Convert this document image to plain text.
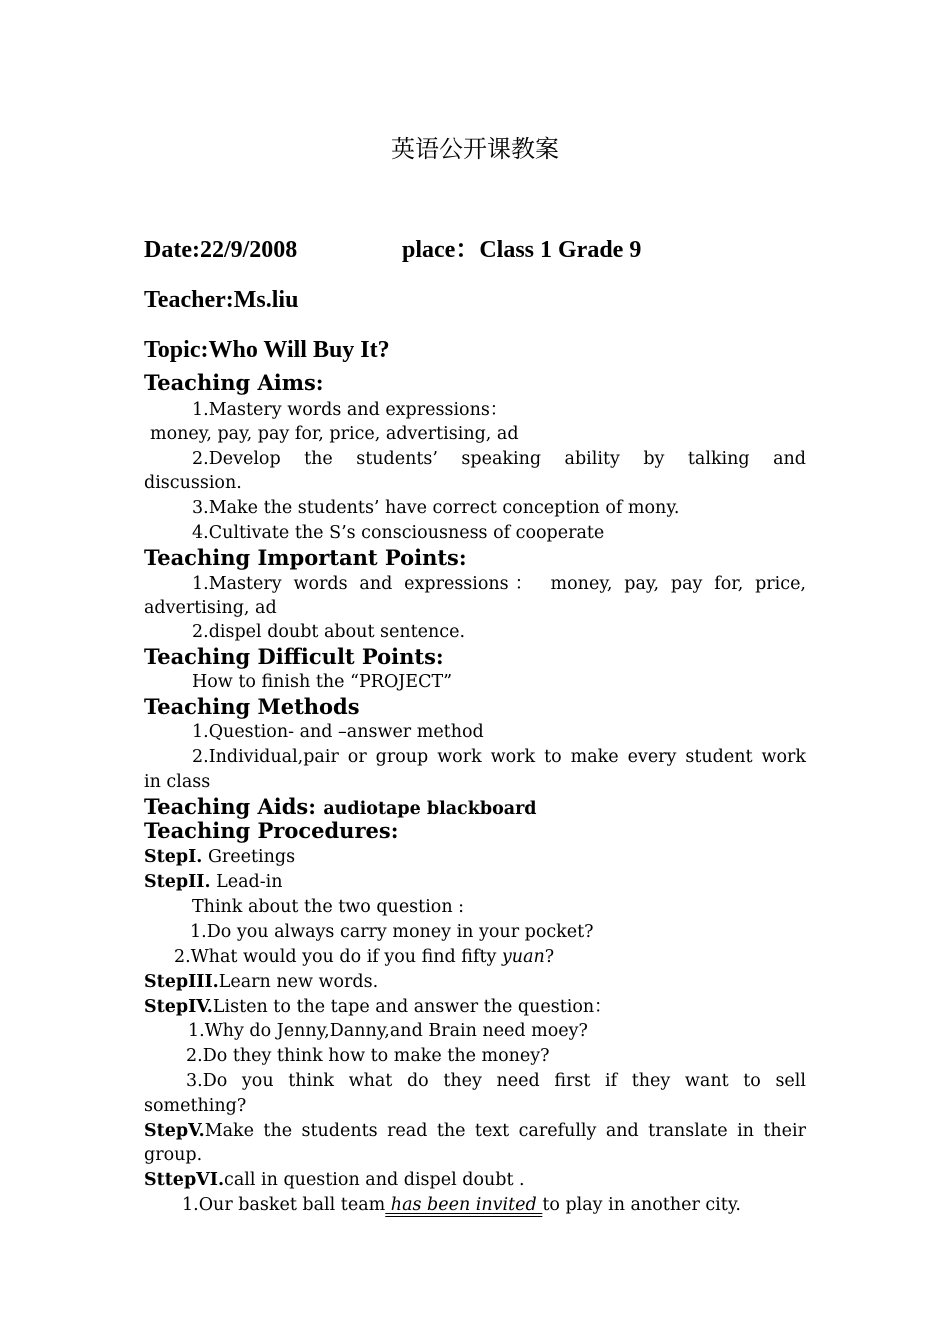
英语公开课教案
Date:22/9/2008	place：Class 1 Grade 9
Teacher:Ms.liu
Topic:Who Will Buy It?
Teaching Aims:
1.Mastery words and expressions：
money, pay, pay for, price, advertising, ad
2.Develop the students’ speaking ability by talking and
discussion.
3.Make the students’ have correct conception of mony.
4.Cultivate the S’s consciousness of cooperate
Teaching Important Points:
1.Mastery words and expressions： money, pay, pay for, price,
advertising, ad
2.dispel doubt about sentence.
Teaching Difficult Points:
How to finish the “PROJECT”
Teaching Methods
1.Question- and –answer method
2.Individual,pair or group work work to make every student work
in class
Teaching Aids: audiotape blackboard
Teaching Procedures:
StepI. Greetings
StepII. Lead-in
Think about the two question :
1.Do you always carry money in your pocket?
2.What would you do if you find fifty yuan?
StepIII.Learn new words.
StepIV.Listen to the tape and answer the question：
1.Why do Jenny,Danny,and Brain need moey?
2.Do they think how to make the money?
3.Do you think what do they need first if they want to sell
something?
StepV.Make the students read the text carefully and translate in their
group.
SttepVI.call in question and dispel doubt .
1.Our basket ball team has been invited to play in another city.
